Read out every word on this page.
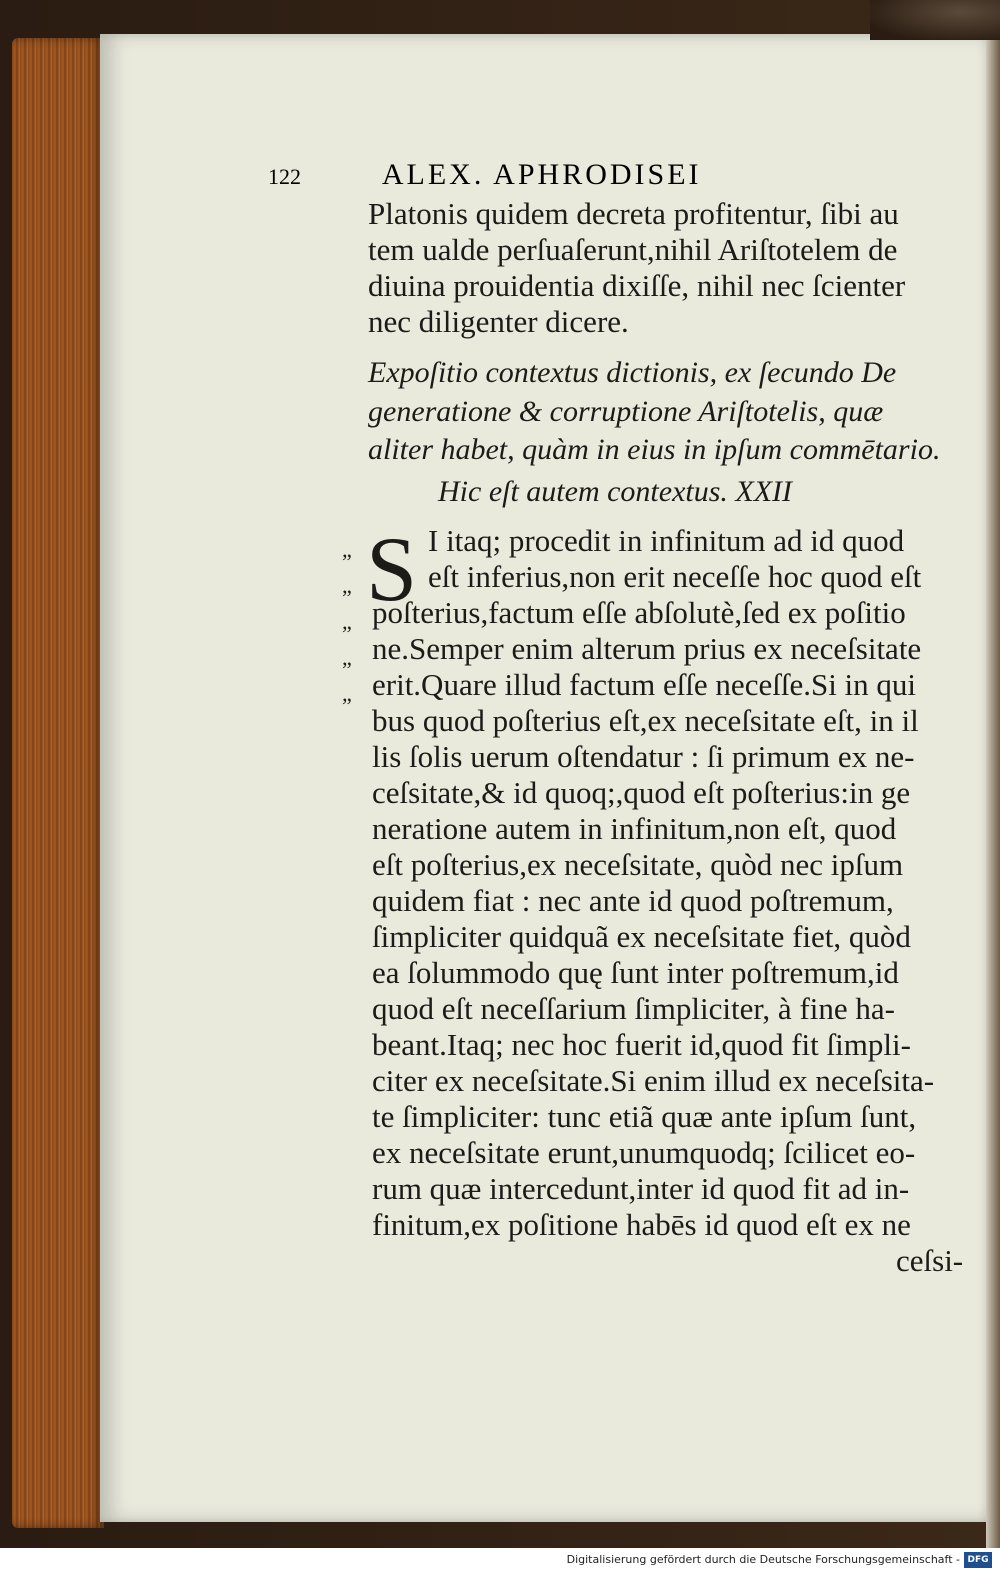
122	ALEX. APHRODISEI
Platonis quidem decreta profitentur, ſibi au
tem ualde perſuaſerunt,nihil Ariſtotelem de
diuina prouidentia dixiſſe, nihil nec ſcienter
nec diligenter dicere.
Expoſitio contextus dictionis, ex ſecundo De
generatione & corruptione Ariſtotelis, quæ
aliter habet, quàm in eius in ipſum commētario.
Hic eſt autem contextus. XXII
S
„
„
„
„
„
I itaq; procedit in infinitum ad id quod
eſt inferius,non erit neceſſe hoc quod eſt
poſterius,factum eſſe abſolutè,ſed ex poſitio
ne.Semper enim alterum prius ex neceſsitate
erit.Quare illud factum eſſe neceſſe.Si in qui
bus quod poſterius eſt,ex neceſsitate eſt, in il
lis ſolis uerum oſtendatur : ſi primum ex ne-
ceſsitate,& id quoq;,quod eſt poſterius:in ge
neratione autem in infinitum,non eſt, quod
eſt poſterius,ex neceſsitate, quòd nec ipſum
quidem fiat : nec ante id quod poſtremum,
ſimpliciter quidquã ex neceſsitate fiet, quòd
ea ſolummodo quę ſunt inter poſtremum,id
quod eſt neceſſarium ſimpliciter, à fine ha-
beant.Itaq; nec hoc fuerit id,quod fit ſimpli-
citer ex neceſsitate.Si enim illud ex neceſsita-
te ſimpliciter: tunc etiã quæ ante ipſum ſunt,
ex neceſsitate erunt,unumquodq; ſcilicet eo-
rum quæ intercedunt,inter id quod fit ad in-
finitum,ex poſitione habēs id quod eſt ex ne
ceſsi-
Digitalisierung gefördert durch die Deutsche Forschungsgemeinschaft - DFG
